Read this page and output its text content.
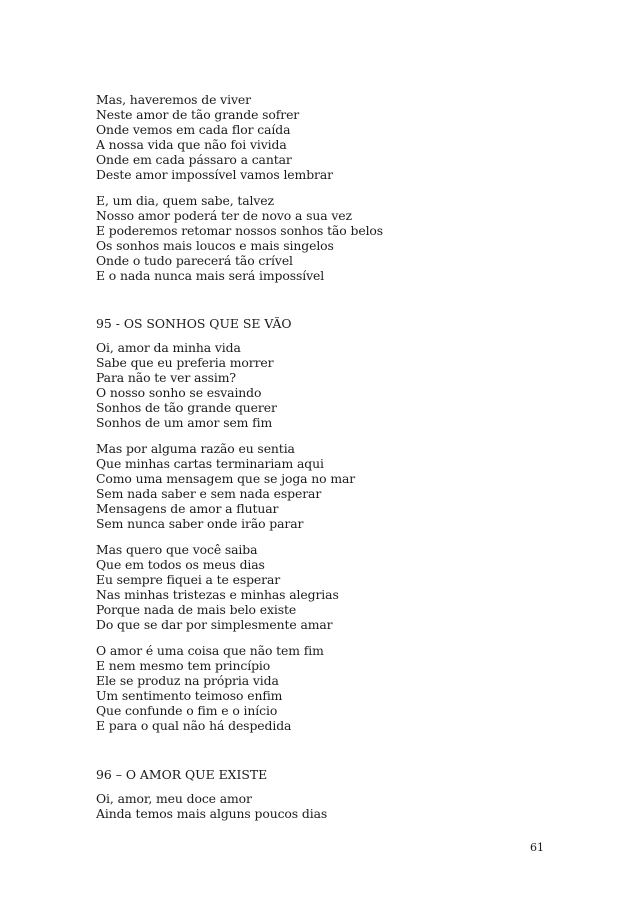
Mas, haveremos de viver
Neste amor de tão grande sofrer
Onde vemos em cada flor caída
A nossa vida que não foi vivida
Onde em cada pássaro a cantar
Deste amor impossível vamos lembrar
E, um dia, quem sabe, talvez
Nosso amor poderá ter de novo a sua vez
E poderemos retomar nossos sonhos tão belos
Os sonhos mais loucos e mais singelos
Onde o tudo parecerá tão crível
E o nada nunca mais será impossível
95 - OS SONHOS QUE SE VÃO
Oi, amor da minha vida
Sabe que eu preferia morrer
Para não te ver assim?
O nosso sonho se esvaindo
Sonhos de tão grande querer
Sonhos de um amor sem fim
Mas por alguma razão eu sentia
Que minhas cartas terminariam aqui
Como uma mensagem que se joga no mar
Sem nada saber e sem nada esperar
Mensagens de amor a flutuar
Sem nunca saber onde irão parar
Mas quero que você saiba
Que em todos os meus dias
Eu sempre fiquei a te esperar
Nas minhas tristezas e minhas alegrias
Porque nada de mais belo existe
Do que se dar por simplesmente amar
O amor é uma coisa que não tem fim
E nem mesmo tem princípio
Ele se produz na própria vida
Um sentimento teimoso enfim
Que confunde o fim e o início
E para o qual não há despedida
96 – O AMOR QUE EXISTE
Oi, amor, meu doce amor
Ainda temos mais alguns poucos dias
61
